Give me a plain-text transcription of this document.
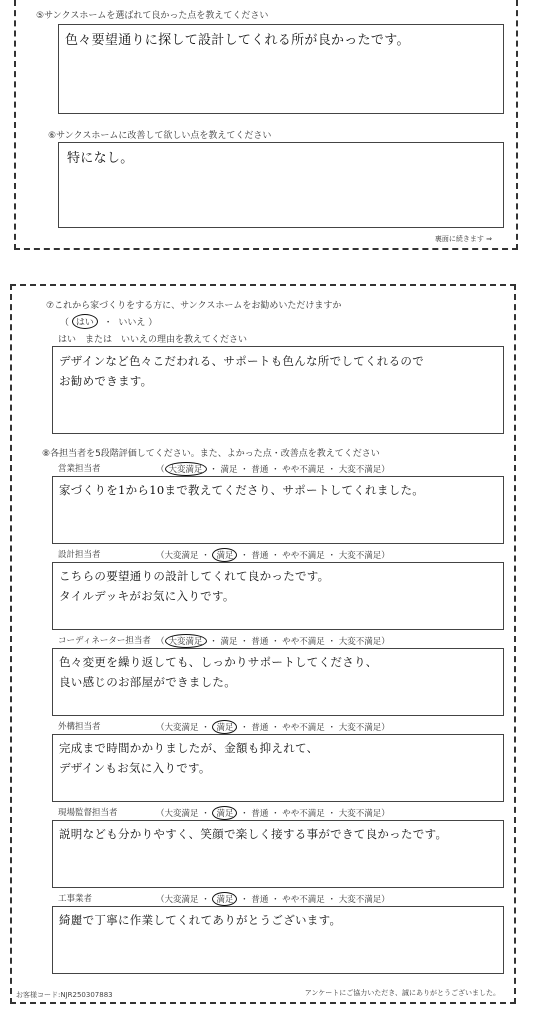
⑤サンクスホームを選ばれて良かった点を教えてください
色々要望通りに探して設計してくれる所が良かったです。
⑥サンクスホームに改善して欲しい点を教えてください
特になし。
裏面に続きます ⇒
⑦これから家づくりをする方に、サンクスホームをお勧めいただけますか
（ はい ・ いいえ ）
はい　または　いいえの理由を教えてください
デザインなど色々こだわれる、サポートも色んな所でしてくれるので
お勧めできます。
⑧各担当者を5段階評価してください。また、よかった点・改善点を教えてください
営業担当者	（ 大変満足 ・ 満足 ・ 普通 ・ やや不満足 ・ 大変不満足）
家づくりを1から10まで教えてくださり、サポートしてくれました。
設計担当者	（大変満足 ・ 満足 ・ 普通 ・ やや不満足 ・ 大変不満足）
こちらの要望通りの設計してくれて良かったです。
タイルデッキがお気に入りです。
コーディネーター担当者 （ 大変満足 ・ 満足 ・ 普通 ・ やや不満足 ・ 大変不満足）
色々変更を繰り返しても、しっかりサポートしてくださり、
良い感じのお部屋ができました。
外構担当者	（大変満足 ・ 満足 ・ 普通 ・ やや不満足 ・ 大変不満足）
完成まで時間かかりましたが、金額も抑えれて、
デザインもお気に入りです。
現場監督担当者	（大変満足 ・ 満足 ・ 普通 ・ やや不満足 ・ 大変不満足）
説明なども分かりやすく、笑顔で楽しく接する事ができて良かったです。
工事業者	（大変満足 ・ 満足 ・ 普通 ・ やや不満足 ・ 大変不満足）
綺麗で丁寧に作業してくれてありがとうございます。
お客様コード:NJR250307883	アンケートにご協力いただき、誠にありがとうございました。
